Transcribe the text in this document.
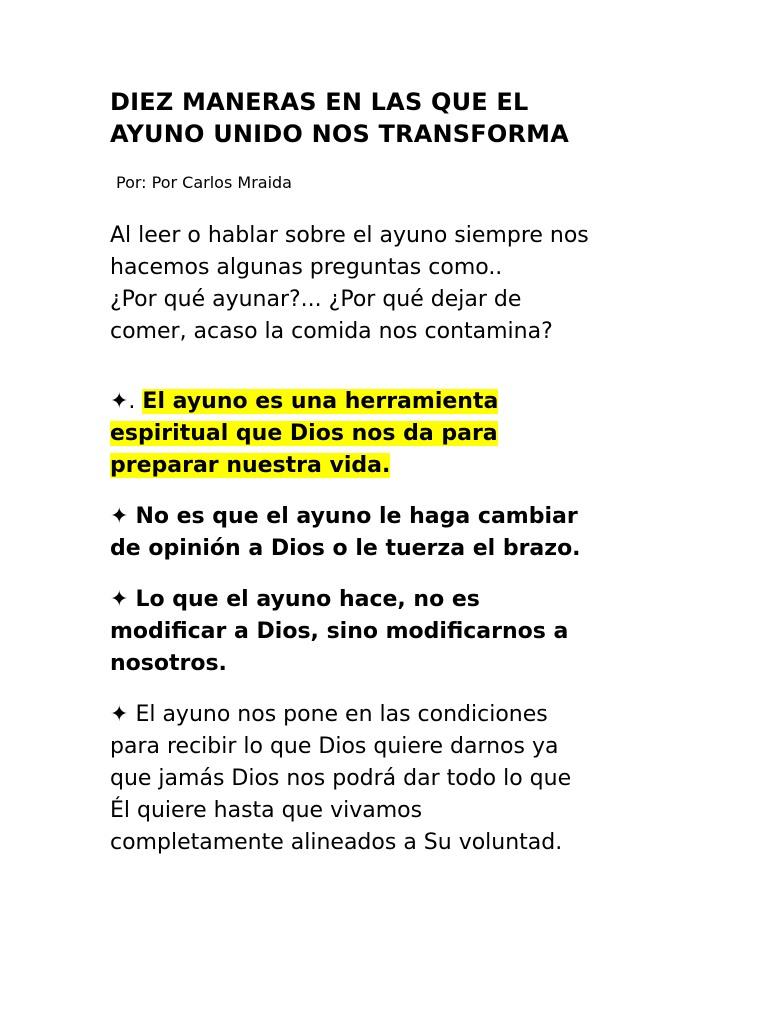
DIEZ MANERAS EN LAS QUE EL
AYUNO UNIDO NOS TRANSFORMA
Por: Por Carlos Mraida

Al leer o hablar sobre el ayuno siempre nos
hacemos algunas preguntas como..
¿Por qué ayunar?... ¿Por qué dejar de
comer, acaso la comida nos contamina?

✦. El ayuno es una herramienta
espiritual que Dios nos da para
preparar nuestra vida.
✦ No es que el ayuno le haga cambiar
de opinión a Dios o le tuerza el brazo.
✦ Lo que el ayuno hace, no es
modificar a Dios, sino modificarnos a
nosotros.
✦ El ayuno nos pone en las condiciones
para recibir lo que Dios quiere darnos ya
que jamás Dios nos podrá dar todo lo que
Él quiere hasta que vivamos
completamente alineados a Su voluntad.
